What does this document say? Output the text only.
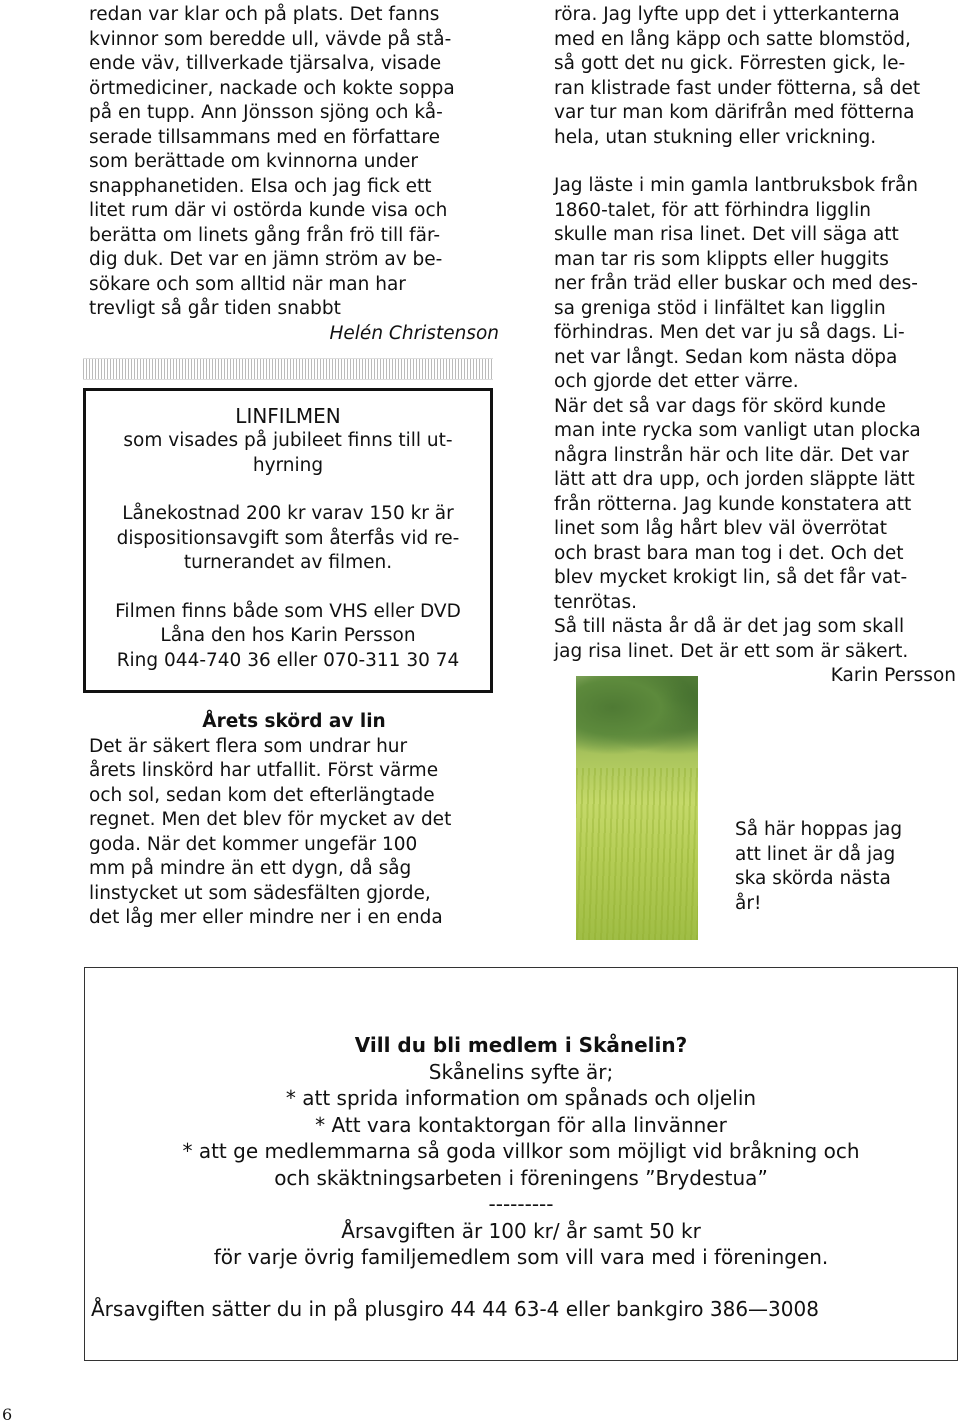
redan var klar och på plats. Det fanns

kvinnor som beredde ull, vävde på stå-

ende väv, tillverkade tjärsalva, visade

örtmediciner, nackade och kokte soppa

på en tupp. Ann Jönsson sjöng och kå-

serade tillsammans med en författare

som berättade om kvinnorna under

snapphanetiden. Elsa och jag fick ett

litet rum där vi ostörda kunde visa och

berätta om linets gång från frö till fär-

dig duk. Det var en jämn ström av be-

sökare och som alltid när man har

trevligt så går tiden snabbt

Helén Christenson

LINFILMEN

som visades på jubileet finns till ut-

hyrning

Lånekostnad 200 kr varav 150 kr är

dispositionsavgift som återfås vid re-

turnerandet av filmen.

Filmen finns både som VHS eller DVD

Låna den hos Karin Persson

Ring 044-740 36 eller 070-311 30 74

Årets skörd av lin

Det är säkert flera som undrar hur

årets linskörd har utfallit. Först värme

och sol, sedan kom det efterlängtade

regnet. Men det blev för mycket av det

goda. När det kommer ungefär 100

mm på mindre än ett dygn, då såg

linstycket ut som sädesfälten gjorde,

det låg mer eller mindre ner i en enda

röra. Jag lyfte upp det i ytterkanterna

med en lång käpp och satte blomstöd,

så gott det nu gick. Förresten gick, le-

ran klistrade fast under fötterna, så det

var tur man kom därifrån med fötterna

hela, utan stukning eller vrickning.

Jag läste i min gamla lantbruksbok från

1860-talet, för att förhindra ligglin

skulle man risa linet. Det vill säga att

man tar ris som klippts eller huggits

ner från träd eller buskar och med des-

sa greniga stöd i linfältet kan ligglin

förhindras. Men det var ju så dags. Li-

net var långt. Sedan kom nästa döpa

och gjorde det etter värre.

När det så var dags för skörd kunde

man inte rycka som vanligt utan plocka

några linstrån här och lite där. Det var

lätt att dra upp, och jorden släppte lätt

från rötterna. Jag kunde konstatera att

linet som låg hårt blev väl överrötat

och brast bara man tog i det. Och det

blev mycket krokigt lin, så det får vat-

tenrötas.

Så till nästa år då är det jag som skall

jag risa linet. Det är ett som är säkert.

Karin Persson

Så här hoppas jag

att linet är då jag

ska skörda nästa

år!

Vill du bli medlem i Skånelin?

Skånelins syfte är;

* att sprida information om spånads och oljelin

* Att vara kontaktorgan för alla linvänner

* att ge medlemmarna så goda villkor som möjligt vid bråkning och

och skäktningsarbeten i föreningens ”Brydestua”

---------

Årsavgiften är 100 kr/ år samt 50 kr

för varje övrig familjemedlem som vill vara med i föreningen.

Årsavgiften sätter du in på plusgiro 44 44 63-4 eller bankgiro 386—3008

6
